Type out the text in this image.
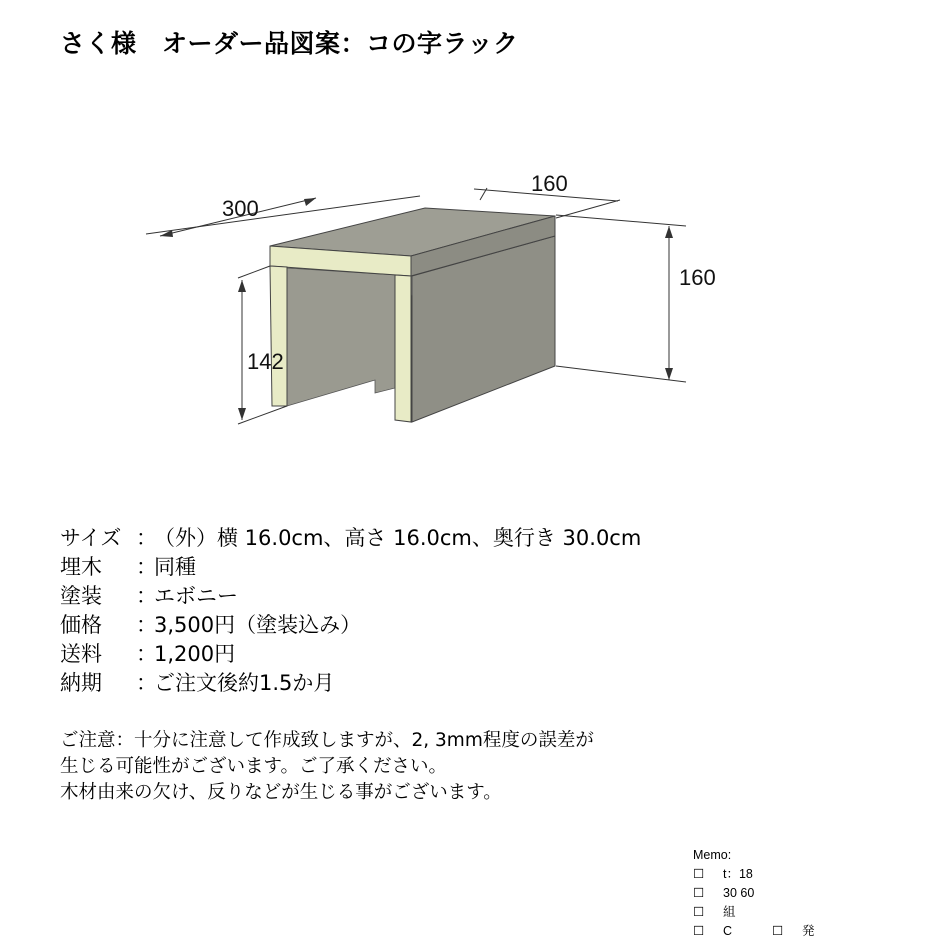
さく様　オーダー品図案：コの字ラック
300
160
160
142
サイズ ：
（外）横 16.0cm、高さ 16.0cm、奥行き 30.0cm
埋木	：
同種
塗装	：
エボニー
価格	：
3,500円（塗装込み）
送料	：
1,200円
納期	：
ご注文後約1.5か月
ご注意：十分に注意して作成致しますが、2, 3mm程度の誤差が
生じる可能性がございます。ご了承ください。
木材由来の欠け、反りなどが生じる事がございます。
Memo:
☐	t：18
☐	30 60
☐	組
☐	C	☐	発
